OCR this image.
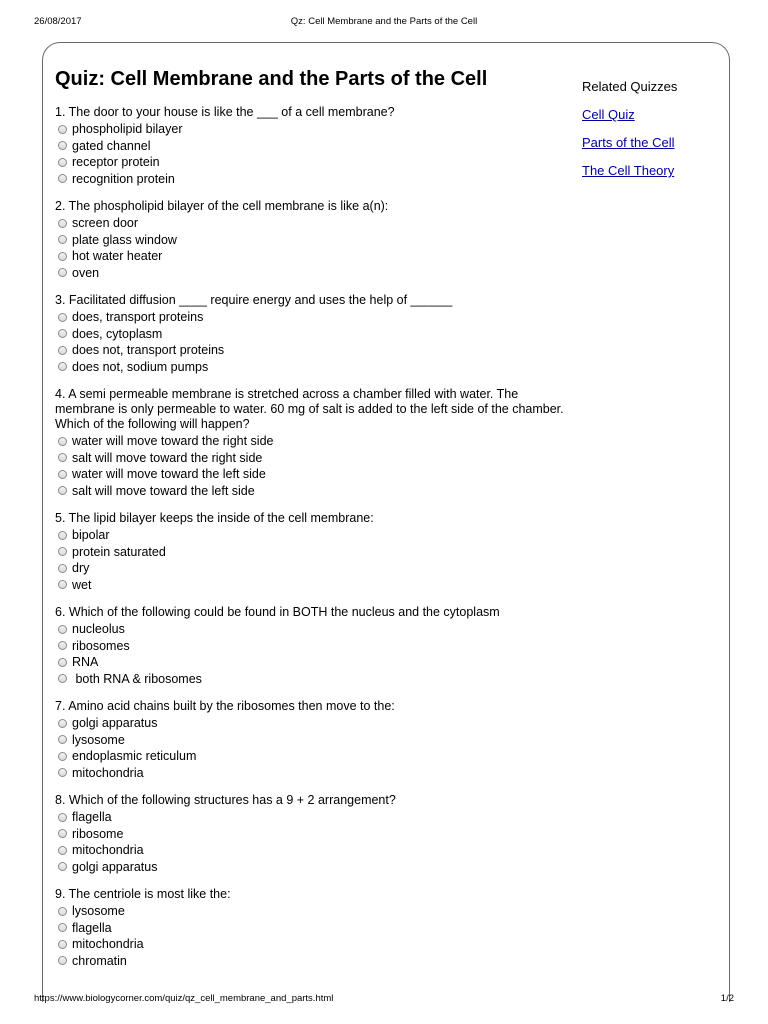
26/08/2017	Qz: Cell Membrane and the Parts of the Cell
Quiz: Cell Membrane and the Parts of the Cell
1. The door to your house is like the ___ of a cell membrane?
phospholipid bilayer
gated channel
receptor protein
recognition protein
2. The phospholipid bilayer of the cell membrane is like a(n):
screen door
plate glass window
hot water heater
oven
3. Facilitated diffusion ____ require energy and uses the help of ______
does, transport proteins
does, cytoplasm
does not, transport proteins
does not, sodium pumps
4. A semi permeable membrane is stretched across a chamber filled with water. The membrane is only permeable to water. 60 mg of salt is added to the left side of the chamber. Which of the following will happen?
water will move toward the right side
salt will move toward the right side
water will move toward the left side
salt will move toward the left side
5. The lipid bilayer keeps the inside of the cell membrane:
bipolar
protein saturated
dry
wet
6. Which of the following could be found in BOTH the nucleus and the cytoplasm
nucleolus
ribosomes
RNA
both RNA & ribosomes
7. Amino acid chains built by the ribosomes then move to the:
golgi apparatus
lysosome
endoplasmic reticulum
mitochondria
8. Which of the following structures has a 9 + 2 arrangement?
flagella
ribosome
mitochondria
golgi apparatus
9. The centriole is most like the:
lysosome
flagella
mitochondria
chromatin
Related Quizzes
Cell Quiz
Parts of the Cell
The Cell Theory
https://www.biologycorner.com/quiz/qz_cell_membrane_and_parts.html	1/2
